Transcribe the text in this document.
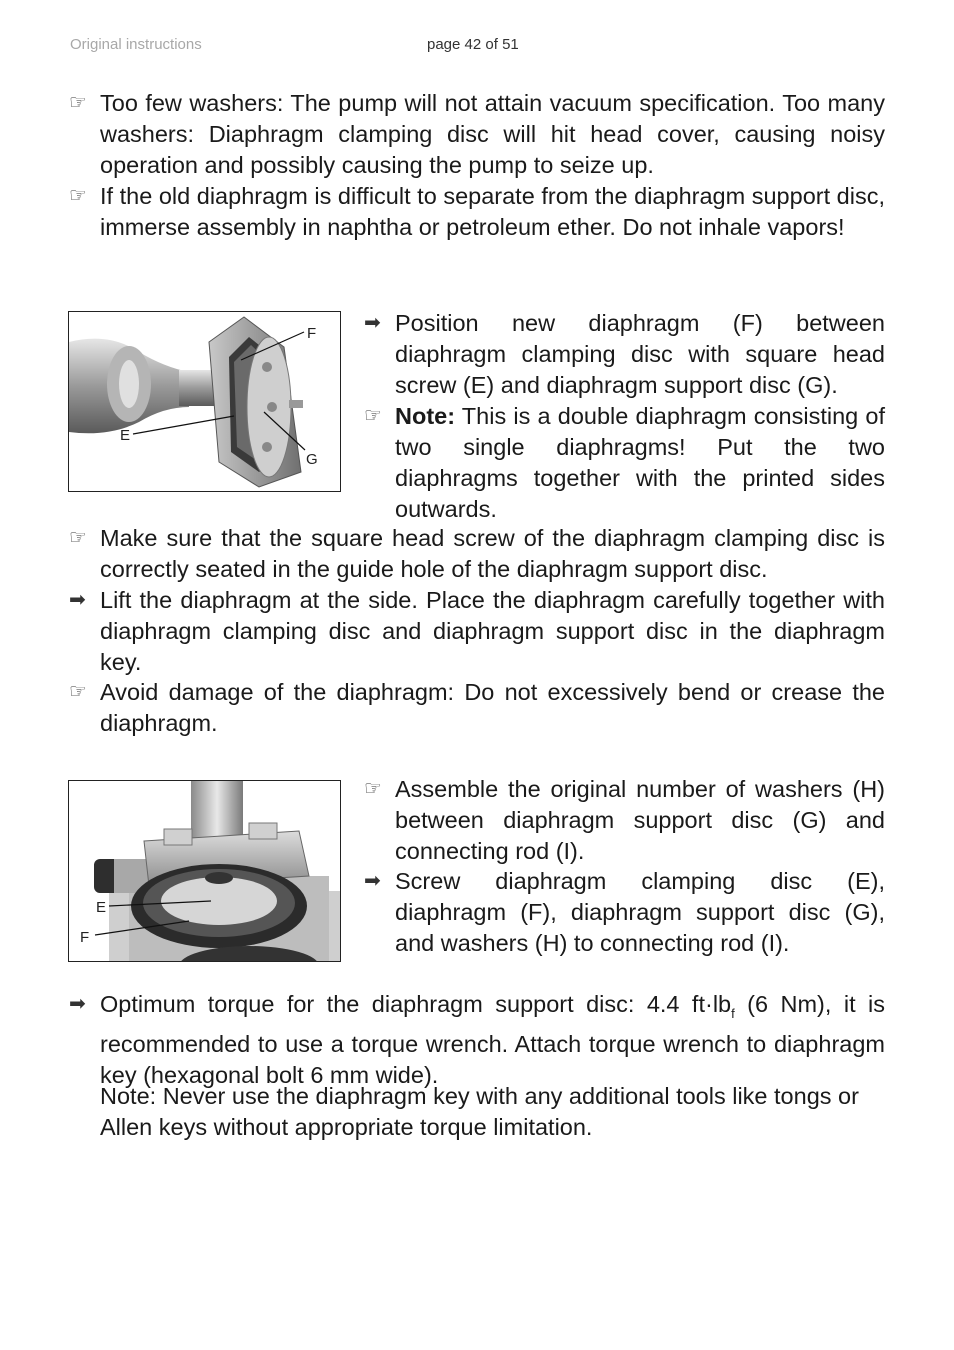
Original instructions	page 42 of 51
☞ Too few washers: The pump will not attain vacuum specification. Too many washers: Diaphragm clamping disc will hit head cover, causing noisy operation and possibly causing the pump to seize up.
☞ If the old diaphragm is difficult to separate from the diaphragm support disc, immerse assembly in naphtha or petroleum ether. Do not inhale vapors!
F
E
G
➡ Position new diaphragm (F) between diaphragm clamping disc with square head screw (E) and diaphragm support disc (G).
☞ Note: This is a double diaphragm consisting of two single diaphragms! Put the two diaphragms together with the printed sides outwards.
☞ Make sure that the square head screw of the diaphragm clamping disc is correctly seated in the guide hole of the diaphragm support disc.
➡ Lift the diaphragm at the side. Place the diaphragm carefully together with diaphragm clamping disc and diaphragm support disc in the diaphragm key.
☞ Avoid damage of the diaphragm: Do not excessively bend or crease the diaphragm.
E
F
☞ Assemble the original number of washers (H) between diaphragm support disc (G) and connecting rod (I).
➡ Screw diaphragm clamping disc (E), diaphragm (F), diaphragm support disc (G), and washers (H) to connecting rod (I).
➡ Optimum torque for the diaphragm support disc: 4.4 $ft\cdot lb_f$ (6 Nm), it is recommended to use a torque wrench. Attach torque wrench to diaphragm key (hexagonal bolt 6 mm wide).
Note: Never use the diaphragm key with any additional tools like tongs or Allen keys without appropriate torque limitation.
